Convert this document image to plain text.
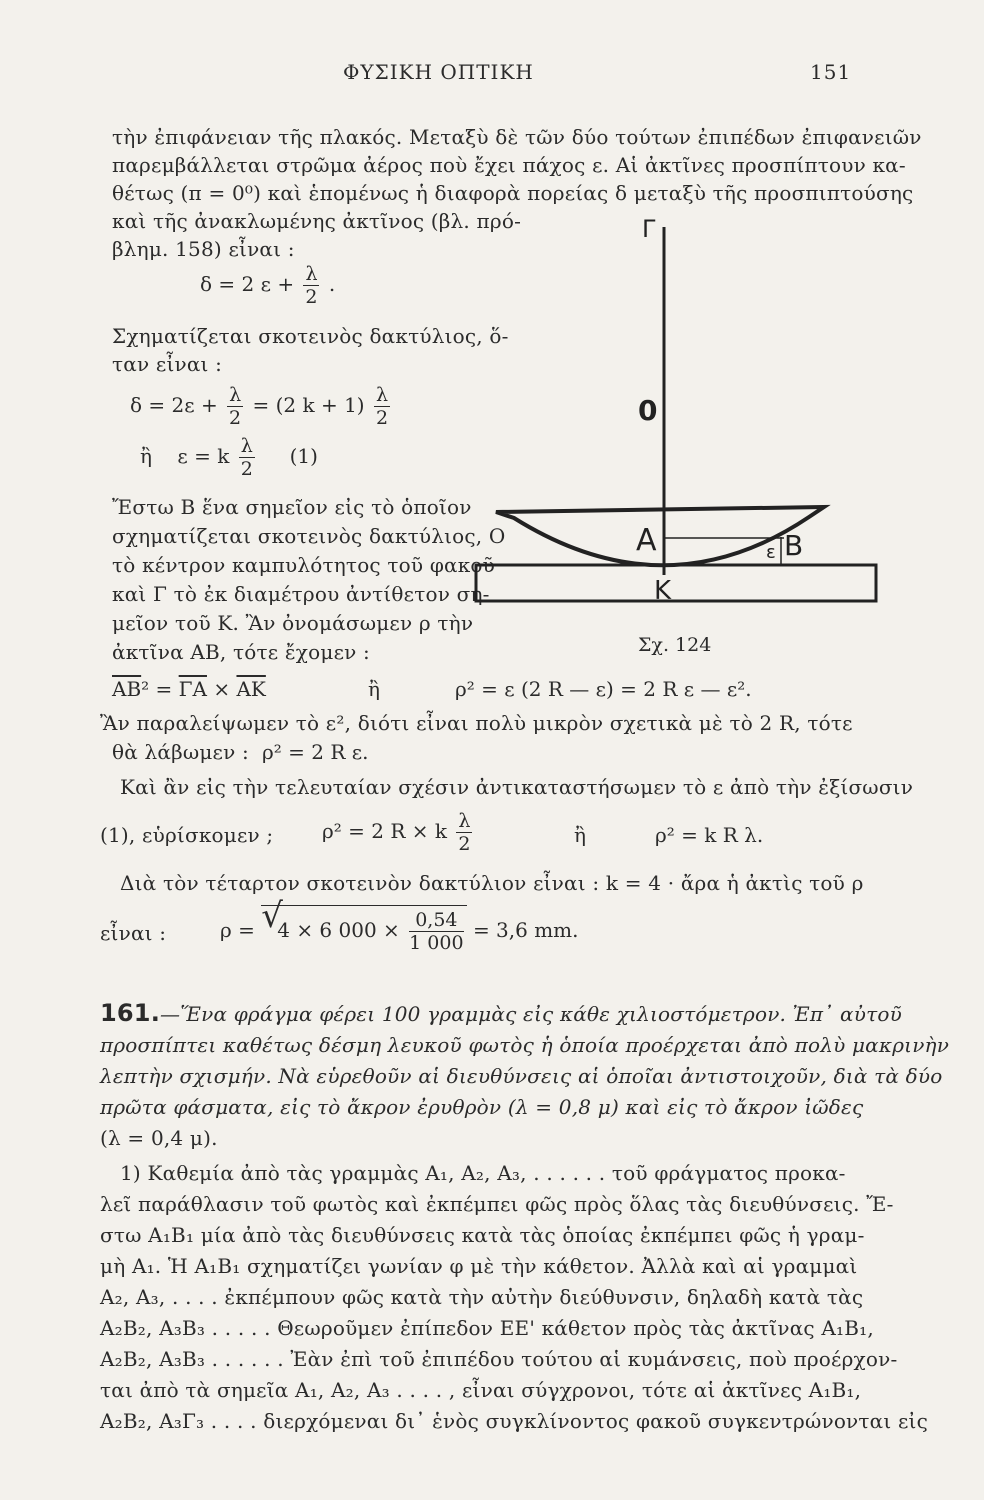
ΦΥΣΙΚΗ ΟΠΤΙΚΗ	151
τὴν ἐπιφάνειαν τῆς πλακός. Μεταξὺ δὲ τῶν δύο τούτων ἐπιπέδων ἐπιφανειῶν
παρεμβάλλεται στρῶμα ἀέρος ποὺ ἔχει πάχος ε. Αἱ ἀκτῖνες προσπίπτουν κα-
θέτως (π = 0⁰) καὶ ἑπομένως ἡ διαφορὰ πορείας δ μεταξὺ τῆς προσπιπτούσης
καὶ τῆς ἀνακλωμένης ἀκτῖνος (βλ. πρό-
βλημ. 158) εἶναι :
δ = 2 $\varepsilon + \frac{\lambda}{2}$ .
Σχηματίζεται σκοτεινὸς δακτύλιος, ὅ-
ταν εἶναι :
$\delta = 2\varepsilon + \frac{\lambda}{2} = (2$ $k + 1) \frac{\lambda}{2}$
ἢ ε = k $\frac{\lambda}{2} (1)$
Ἔστω Β ἕνα σημεῖον εἰς τὸ ὁποῖον
σχηματίζεται σκοτεινὸς δακτύλιος, Ο
τὸ κέντρον καμπυλότητος τοῦ φακοῦ
καὶ Γ τὸ ἐκ διαμέτρου ἀντίθετον ση-
μεῖον τοῦ Κ. Ἂν ὀνομάσωμεν ρ τὴν
ἀκτῖνα ΑΒ, τότε ἔχομεν :
Γ
0
Α	ε Β
Κ
Σχ. 124
$\overline{AB}^2 = \overline{\Gamma A} \times \overline{AK}$	ἢ	ρ² = ε (2 R — ε) = 2 R ε — ε².
Ἂν παραλείψωμεν τὸ ε², διότι εἶναι πολὺ μικρὸν σχετικὰ μὲ τὸ 2 R, τότε
θὰ λάβωμεν : ρ² = 2 R ε.
Καὶ ἂν εἰς τὴν τελευταίαν σχέσιν ἀντικαταστήσωμεν τὸ ε ἀπὸ τὴν ἐξίσωσιν
(1), εὑρίσκομεν ; ρ² = 2 R × k $\frac{\lambda}{2}$	ἢ	ρ² = k R λ.
Διὰ τὸν τέταρτον σκοτεινὸν δακτύλιον εἶναι : k = 4 · ἄρα ἡ ἀκτὶς τοῦ ρ
εἶναι :	ρ = √
4 × 6 $000 \times \frac{0,54}{1 000} = 3,6$ mm.
161.—Ἕνα φράγμα φέρει 100 γραμμὰς εἰς κάθε χιλιοστόμετρον. Ἐπ᾽ αὐτοῦ
προσπίπτει καθέτως δέσμη λευκοῦ φωτὸς ἡ ὁποία προέρχεται ἀπὸ πολὺ μακρινὴν
λεπτὴν σχισμήν. Νὰ εὑρεθοῦν αἱ διευθύνσεις αἱ ὁποῖαι ἀντιστοιχοῦν, διὰ τὰ δύο
πρῶτα φάσματα, εἰς τὸ ἄκρον ἐρυθρὸν (λ = 0,8 μ) καὶ εἰς τὸ ἄκρον ἰῶδες
(λ = 0,4 μ).
1) Καθεμία ἀπὸ τὰς γραμμὰς Α₁, Α₂, Α₃, . . . . . . τοῦ φράγματος προκα-
λεῖ παράθλασιν τοῦ φωτὸς καὶ ἐκπέμπει φῶς πρὸς ὅλας τὰς διευθύνσεις. Ἔ-
στω Α₁Β₁ μία ἀπὸ τὰς διευθύνσεις κατὰ τὰς ὁποίας ἐκπέμπει φῶς ἡ γραμ-
μὴ Α₁. Ἡ Α₁Β₁ σχηματίζει γωνίαν φ μὲ τὴν κάθετον. Ἀλλὰ καὶ αἱ γραμμαὶ
Α₂, Α₃, . . . . ἐκπέμπουν φῶς κατὰ τὴν αὐτὴν διεύθυνσιν, δηλαδὴ κατὰ τὰς
Α₂Β₂, Α₃Β₃ . . . . . Θεωροῦμεν ἐπίπεδον ΕΕ' κάθετον πρὸς τὰς ἀκτῖνας Α₁Β₁,
Α₂Β₂, Α₃Β₃ . . . . . . Ἐὰν ἐπὶ τοῦ ἐπιπέδου τούτου αἱ κυμάνσεις, ποὺ προέρχον-
ται ἀπὸ τὰ σημεῖα Α₁, Α₂, Α₃ . . . . , εἶναι σύγχρονοι, τότε αἱ ἀκτῖνες Α₁Β₁,
Α₂Β₂, Α₃Γ₃ . . . . διερχόμεναι δι᾽ ἑνὸς συγκλίνοντος φακοῦ συγκεντρώνονται εἰς
